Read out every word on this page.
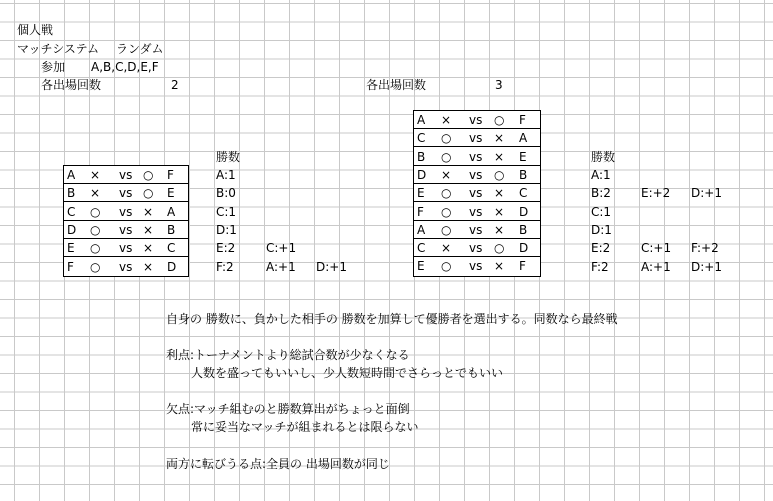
個人戦
マッチシステム ランダム
参加 A,B,C,D,E,F
各出場回数	2
A × vs ○ F
B × vs ○ E
C ○ vs × A
D ○ vs × B
E ○ vs × C
F ○ vs × D
勝数
A:1
B:0
C:1
D:1
E:2	C:+1
F:2	A:+1 D:+1
各出場回数	3
A × vs ○ F
C ○ vs × A
B ○ vs × E
D × vs ○ B
E ○ vs × C
F ○ vs × D
A ○ vs × B
C × vs ○ D
E ○ vs × F
勝数
A:1
B:2	E:+2 D:+1
C:1
D:1
E:2	C:+1 F:+2
F:2	A:+1 D:+1
自身の 勝数に、負かした相手の 勝数を加算して優勝者を選出する。同数なら最終戦
利点:トーナメントより総試合数が少なくなる
人数を盛ってもいいし、少人数短時間でさらっとでもいい
欠点:マッチ組むのと勝数算出がちょっと面倒
常に妥当なマッチが組まれるとは限らない
両方に転びうる点:全員の 出場回数が同じ
